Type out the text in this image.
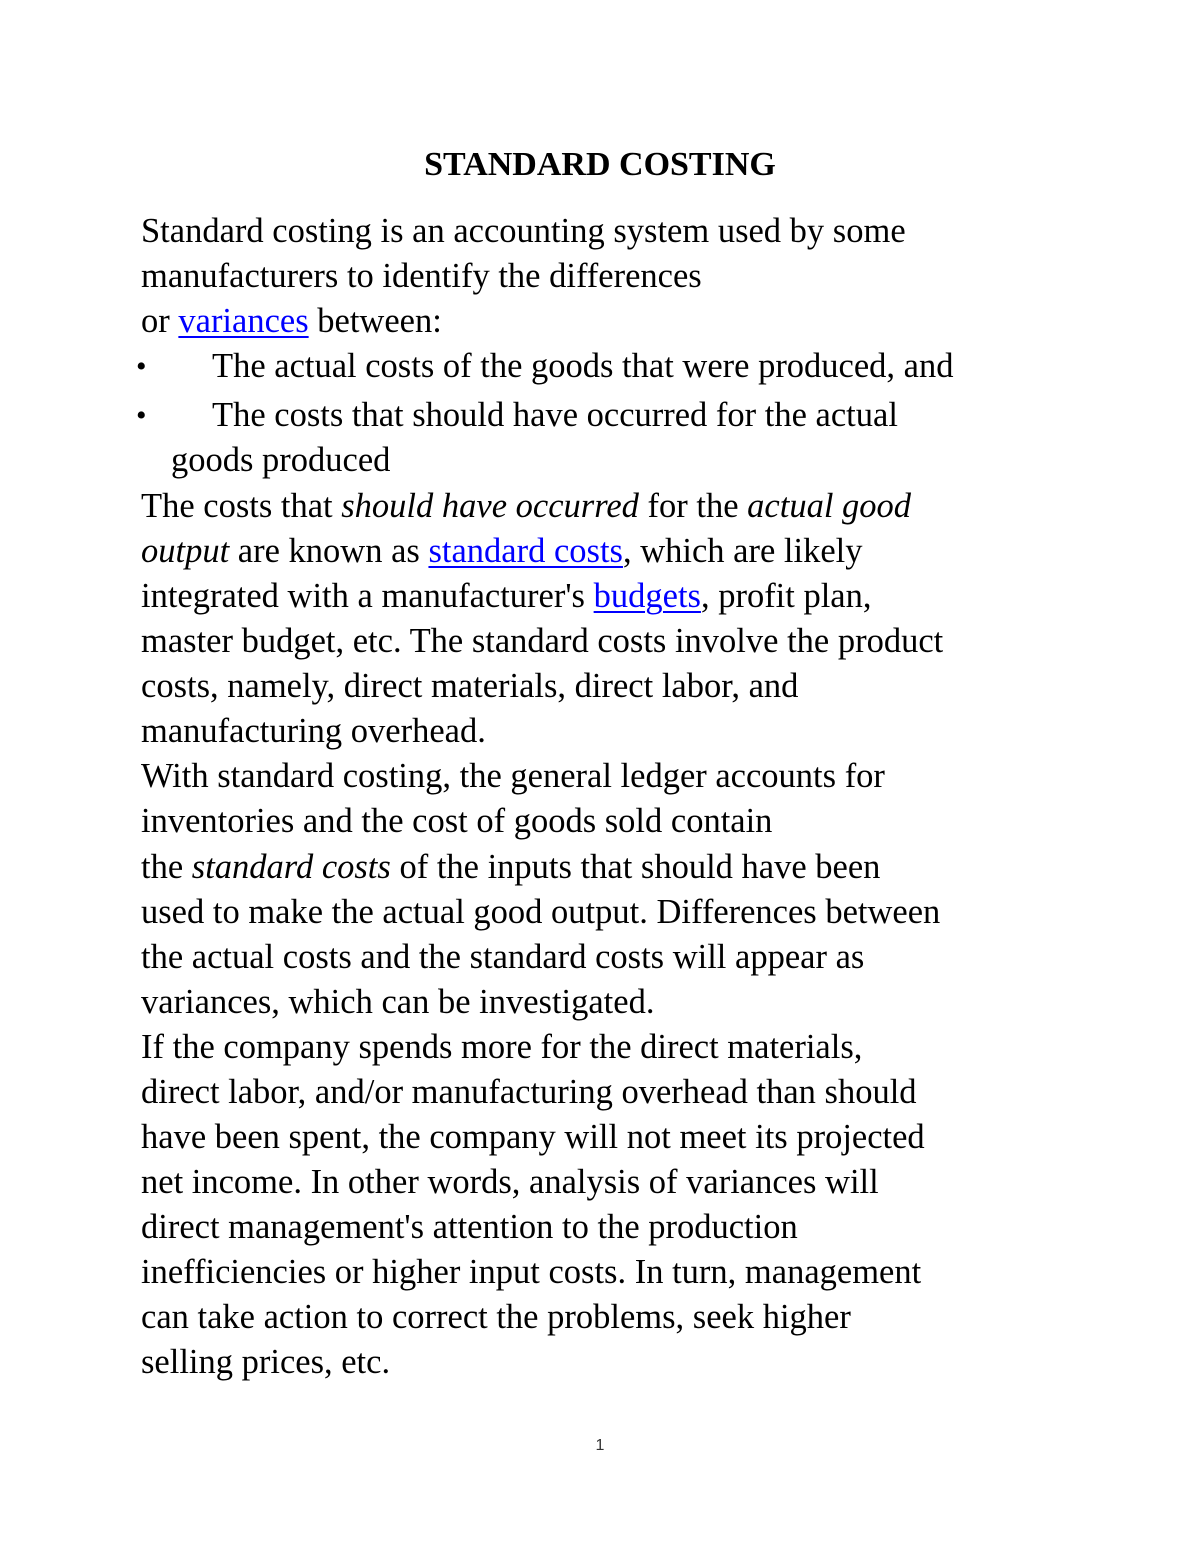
STANDARD COSTING

Standard costing is an accounting system used by some

manufacturers to identify the differences

or variances between:

• The actual costs of the goods that were produced, and

• The costs that should have occurred for the actual

goods produced

The costs that should have occurred for the actual good

output are known as standard costs, which are likely

integrated with a manufacturer's budgets, profit plan,

master budget, etc. The standard costs involve the product

costs, namely, direct materials, direct labor, and

manufacturing overhead.

With standard costing, the general ledger accounts for

inventories and the cost of goods sold contain

the standard costs of the inputs that should have been

used to make the actual good output. Differences between

the actual costs and the standard costs will appear as

variances, which can be investigated.

If the company spends more for the direct materials,

direct labor, and/or manufacturing overhead than should

have been spent, the company will not meet its projected

net income. In other words, analysis of variances will

direct management's attention to the production

inefficiencies or higher input costs. In turn, management

can take action to correct the problems, seek higher

selling prices, etc.

1
